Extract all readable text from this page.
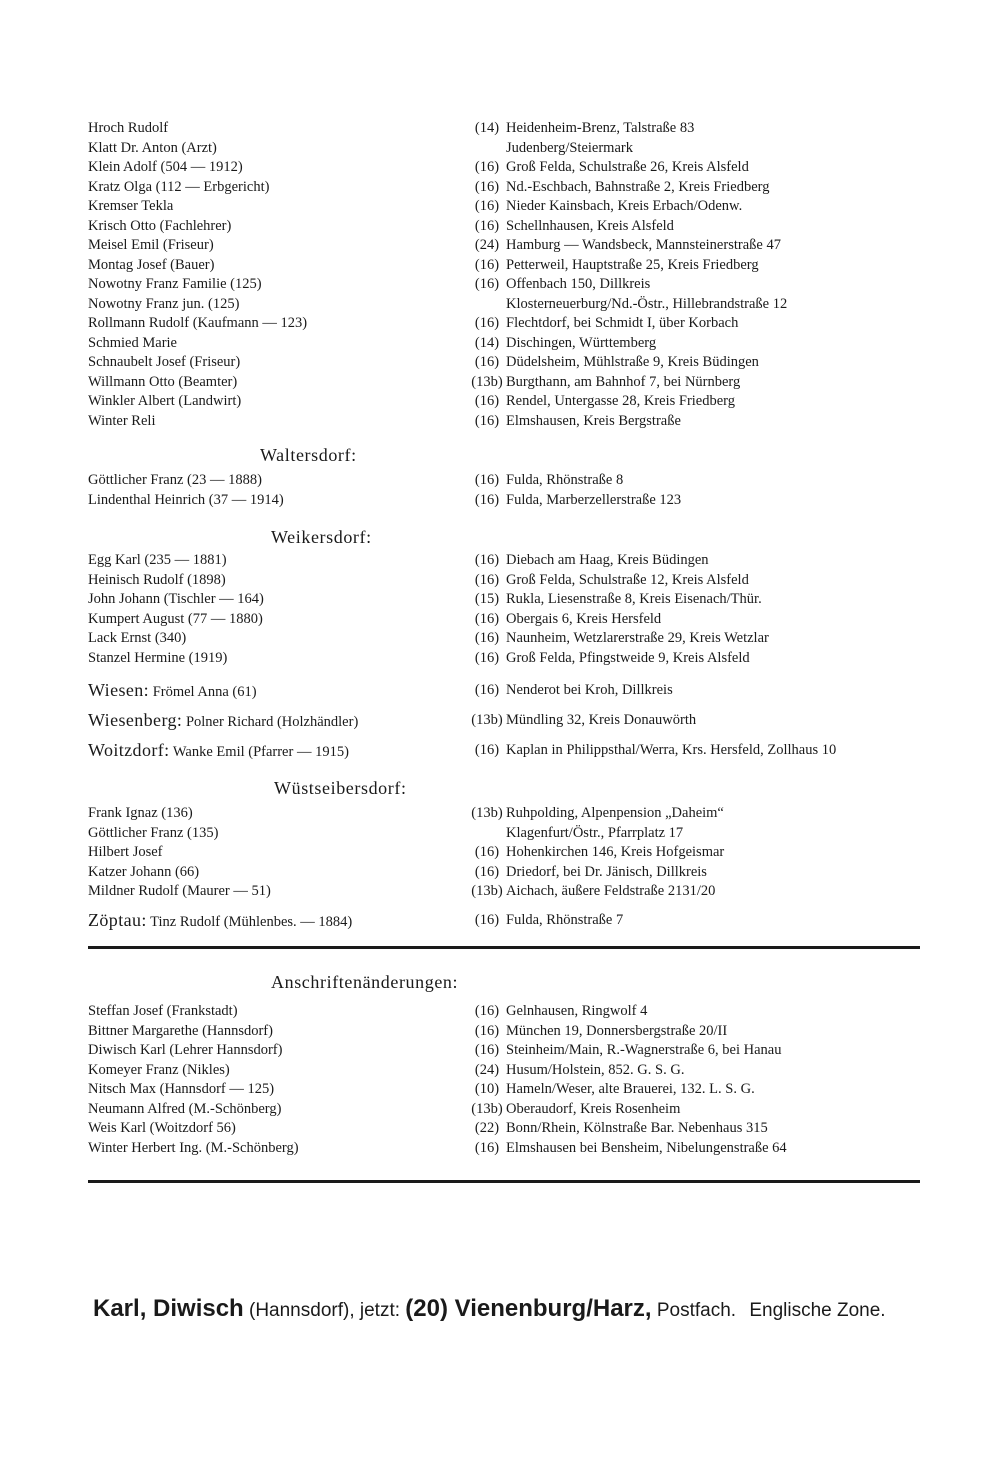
Hroch Rudolf	(14) Heidenheim-Brenz, Talstraße 83
Klatt Dr. Anton (Arzt)	Judenberg/Steiermark
Klein Adolf (504 — 1912)	(16) Groß Felda, Schulstraße 26, Kreis Alsfeld
Kratz Olga (112 — Erbgericht)	(16) Nd.-Eschbach, Bahnstraße 2, Kreis Friedberg
Kremser Tekla	(16) Nieder Kainsbach, Kreis Erbach/Odenw.
Krisch Otto (Fachlehrer)	(16) Schellnhausen, Kreis Alsfeld
Meisel Emil (Friseur)	(24) Hamburg — Wandsbeck, Mannsteinerstraße 47
Montag Josef (Bauer)	(16) Petterweil, Hauptstraße 25, Kreis Friedberg
Nowotny Franz Familie (125)	(16) Offenbach 150, Dillkreis
Nowotny Franz jun. (125)	Klosterneuerburg/Nd.-Östr., Hillebrandstraße 12
Rollmann Rudolf (Kaufmann — 123)	(16) Flechtdorf, bei Schmidt I, über Korbach
Schmied Marie	(14) Dischingen, Württemberg
Schnaubelt Josef (Friseur)	(16) Düdelsheim, Mühlstraße 9, Kreis Büdingen
Willmann Otto (Beamter)	(13b) Burgthann, am Bahnhof 7, bei Nürnberg
Winkler Albert (Landwirt)	(16) Rendel, Untergasse 28, Kreis Friedberg
Winter Reli	(16) Elmshausen, Kreis Bergstraße
Waltersdorf:
Göttlicher Franz (23 — 1888)	(16) Fulda, Rhönstraße 8
Lindenthal Heinrich (37 — 1914)	(16) Fulda, Marberzellerstraße 123
Weikersdorf:
Egg Karl (235 — 1881)	(16) Diebach am Haag, Kreis Büdingen
Heinisch Rudolf (1898)	(16) Groß Felda, Schulstraße 12, Kreis Alsfeld
John Johann (Tischler — 164)	(15) Rukla, Liesenstraße 8, Kreis Eisenach/Thür.
Kumpert August (77 — 1880)	(16) Obergais 6, Kreis Hersfeld
Lack Ernst (340)	(16) Naunheim, Wetzlarerstraße 29, Kreis Wetzlar
Stanzel Hermine (1919)	(16) Groß Felda, Pfingstweide 9, Kreis Alsfeld
Wiesen: Frömel Anna (61)	(16) Nenderot bei Kroh, Dillkreis
Wiesenberg: Polner Richard (Holzhändler)	(13b) Mündling 32, Kreis Donauwörth
Woitzdorf: Wanke Emil (Pfarrer — 1915)	(16) Kaplan in Philippsthal/Werra, Krs. Hersfeld, Zollhaus 10
Wüstseibersdorf:
Frank Ignaz (136)	(13b) Ruhpolding, Alpenpension „Daheim“
Göttlicher Franz (135)	Klagenfurt/Östr., Pfarrplatz 17
Hilbert Josef	(16) Hohenkirchen 146, Kreis Hofgeismar
Katzer Johann (66)	(16) Driedorf, bei Dr. Jänisch, Dillkreis
Mildner Rudolf (Maurer — 51)	(13b) Aichach, äußere Feldstraße 2131/20
Zöptau: Tinz Rudolf (Mühlenbes. — 1884)	(16) Fulda, Rhönstraße 7
Anschriftenänderungen:
Steffan Josef (Frankstadt)	(16) Gelnhausen, Ringwolf 4
Bittner Margarethe (Hannsdorf)	(16) München 19, Donnersbergstraße 20/II
Diwisch Karl (Lehrer Hannsdorf)	(16) Steinheim/Main, R.-Wagnerstraße 6, bei Hanau
Komeyer Franz (Nikles)	(24) Husum/Holstein, 852. G. S. G.
Nitsch Max (Hannsdorf — 125)	(10) Hameln/Weser, alte Brauerei, 132. L. S. G.
Neumann Alfred (M.-Schönberg)	(13b) Oberaudorf, Kreis Rosenheim
Weis Karl (Woitzdorf 56)	(22) Bonn/Rhein, Kölnstraße Bar. Nebenhaus 315
Winter Herbert Ing. (M.-Schönberg)	(16) Elmshausen bei Bensheim, Nibelungenstraße 64
Karl, Diwisch (Hannsdorf), jetzt: (20) Vienenburg/Harz, Postfach. Englische Zone.
